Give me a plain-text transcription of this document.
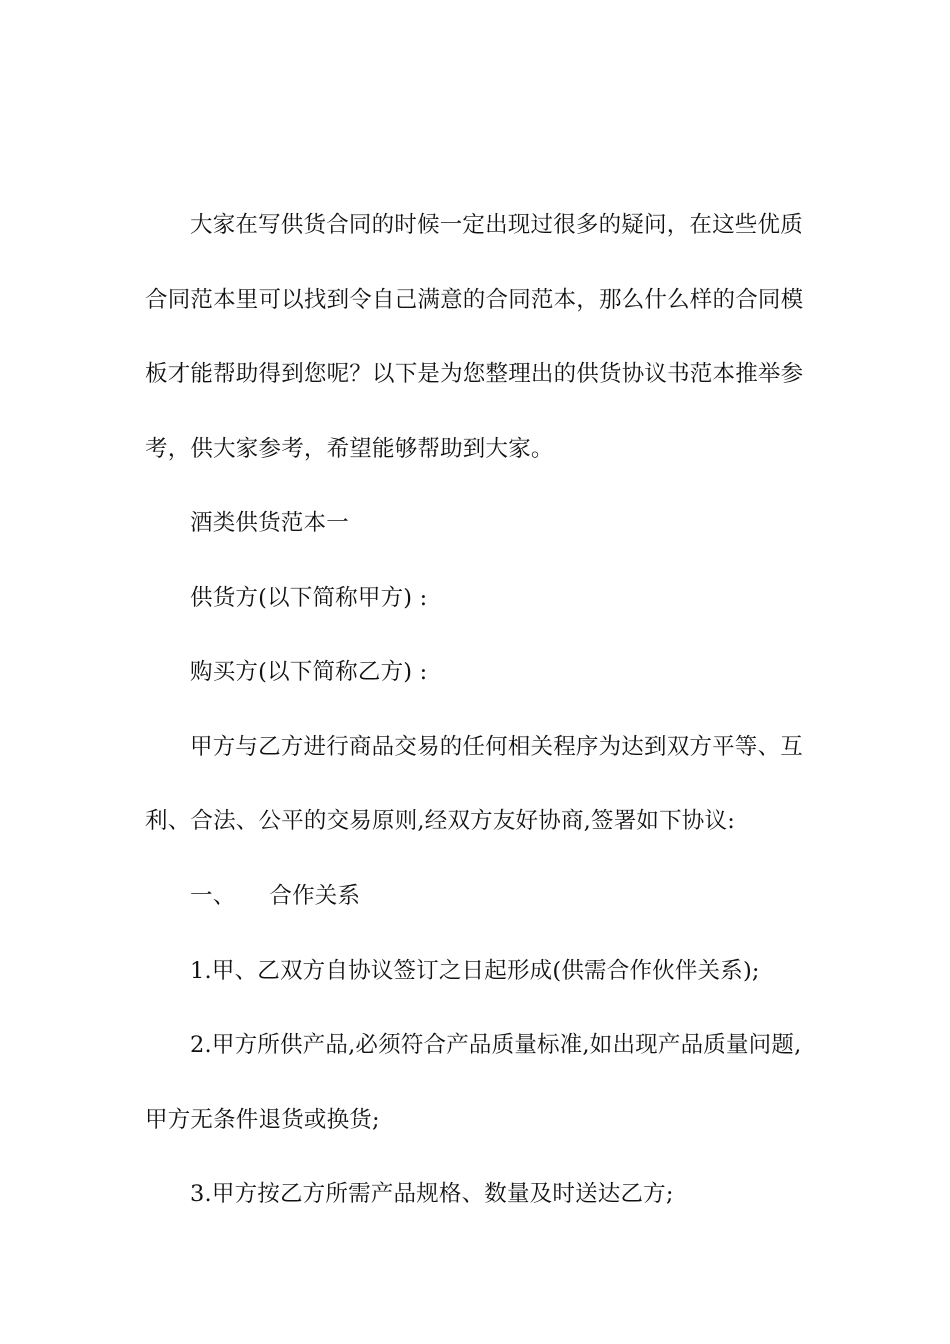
大家在写供货合同的时候一定出现过很多的疑问，在这些优质
合同范本里可以找到令自己满意的合同范本，那么什么样的合同模
板才能帮助得到您呢？以下是为您整理出的供货协议书范本推举参
考，供大家参考，希望能够帮助到大家。
酒类供货范本一
供货方(以下简称甲方) :
购买方(以下简称乙方) :
甲方与乙方进行商品交易的任何相关程序为达到双方平等、互
利、合法、公平的交易原则,经双方友好协商,签署如下协议:
一、 合作关系
1.甲、乙双方自协议签订之日起形成(供需合作伙伴关系);
2.甲方所供产品,必须符合产品质量标准,如出现产品质量问题,
甲方无条件退货或换货;
3.甲方按乙方所需产品规格、数量及时送达乙方;
